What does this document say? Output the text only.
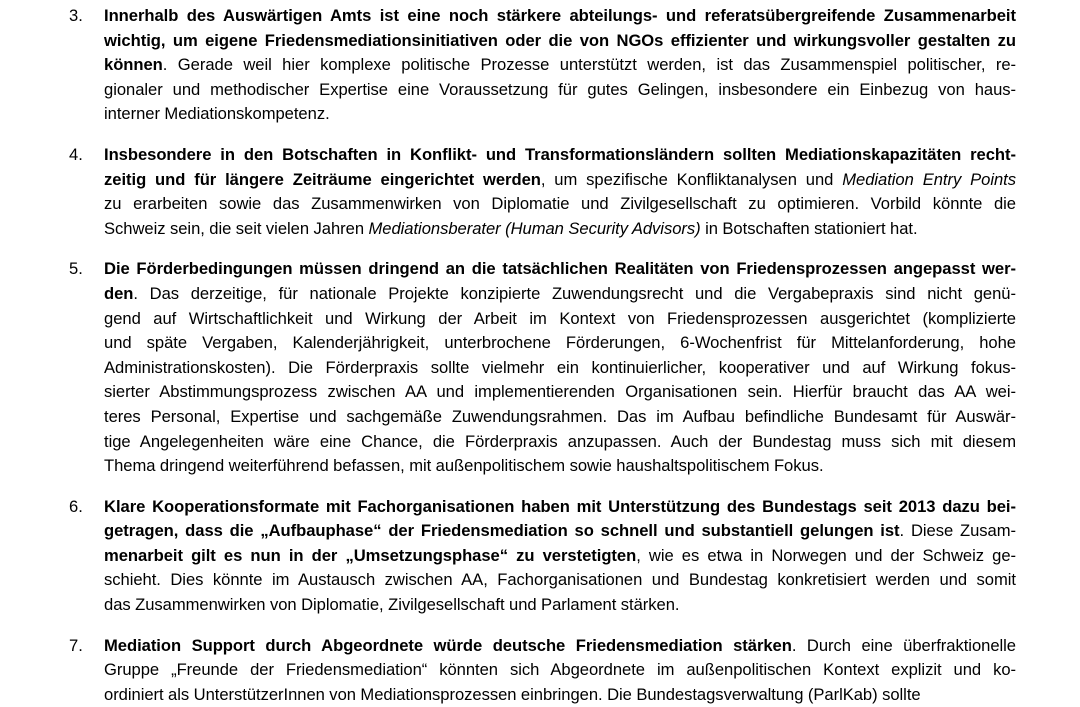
3.	Innerhalb des Auswärtigen Amts ist eine noch stärkere abteilungs- und referatsübergreifende Zusammenarbeit
wichtig, um eigene Friedensmediationsinitiativen oder die von NGOs effizienter und wirkungsvoller gestalten zu
können. Gerade weil hier komplexe politische Prozesse unterstützt werden, ist das Zusammenspiel politischer, re-
gionaler und methodischer Expertise eine Voraussetzung für gutes Gelingen, insbesondere ein Einbezug von haus-
interner Mediationskompetenz.
4.	Insbesondere in den Botschaften in Konflikt- und Transformationsländern sollten Mediationskapazitäten recht-
zeitig und für längere Zeiträume eingerichtet werden, um spezifische Konfliktanalysen und Mediation Entry Points
zu erarbeiten sowie das Zusammenwirken von Diplomatie und Zivilgesellschaft zu optimieren. Vorbild könnte die
Schweiz sein, die seit vielen Jahren Mediationsberater (Human Security Advisors) in Botschaften stationiert hat.
5.	Die Förderbedingungen müssen dringend an die tatsächlichen Realitäten von Friedensprozessen angepasst wer-
den. Das derzeitige, für nationale Projekte konzipierte Zuwendungsrecht und die Vergabepraxis sind nicht genü-
gend auf Wirtschaftlichkeit und Wirkung der Arbeit im Kontext von Friedensprozessen ausgerichtet (komplizierte
und späte Vergaben, Kalenderjährigkeit, unterbrochene Förderungen, 6-Wochenfrist für Mittelanforderung, hohe
Administrationskosten). Die Förderpraxis sollte vielmehr ein kontinuierlicher, kooperativer und auf Wirkung fokus-
sierter Abstimmungsprozess zwischen AA und implementierenden Organisationen sein. Hierfür braucht das AA wei-
teres Personal, Expertise und sachgemäße Zuwendungsrahmen. Das im Aufbau befindliche Bundesamt für Auswär-
tige Angelegenheiten wäre eine Chance, die Förderpraxis anzupassen. Auch der Bundestag muss sich mit diesem
Thema dringend weiterführend befassen, mit außenpolitischem sowie haushaltspolitischem Fokus.
6.	Klare Kooperationsformate mit Fachorganisationen haben mit Unterstützung des Bundestags seit 2013 dazu bei-
getragen, dass die „Aufbauphase“ der Friedensmediation so schnell und substantiell gelungen ist. Diese Zusam-
menarbeit gilt es nun in der „Umsetzungsphase“ zu verstetigten, wie es etwa in Norwegen und der Schweiz ge-
schieht. Dies könnte im Austausch zwischen AA, Fachorganisationen und Bundestag konkretisiert werden und somit
das Zusammenwirken von Diplomatie, Zivilgesellschaft und Parlament stärken.
7.	Mediation Support durch Abgeordnete würde deutsche Friedensmediation stärken. Durch eine überfraktionelle
Gruppe „Freunde der Friedensmediation“ könnten sich Abgeordnete im außenpolitischen Kontext explizit und ko-
ordiniert als UnterstützerInnen von Mediationsprozessen einbringen. Die Bundestagsverwaltung (ParlKab) sollte
